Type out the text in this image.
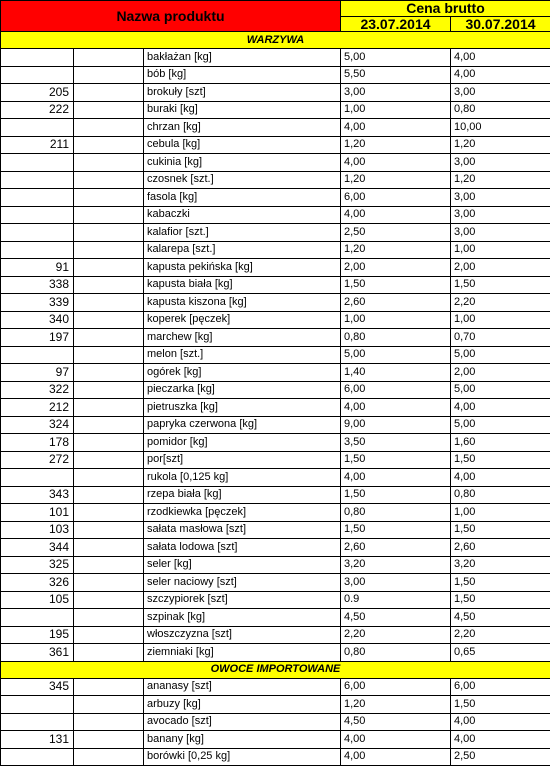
Nazwa produktu			Cena brutto	
			23.07.2014	30.07.2014
WARZYWA				
		bakłażan [kg]	5,00	4,00
		bób [kg]	5,50	4,00
205		brokuły [szt]	3,00	3,00
222		buraki [kg]	1,00	0,80
		chrzan [kg]	4,00	10,00
211		cebula [kg]	1,20	1,20
		cukinia [kg]	4,00	3,00
		czosnek [szt.]	1,20	1,20
		fasola [kg]	6,00	3,00
		kabaczki	4,00	3,00
		kalafior [szt.]	2,50	3,00
		kalarepa [szt.]	1,20	1,00
91		kapusta pekińska [kg]	2,00	2,00
338		kapusta biała [kg]	1,50	1,50
339		kapusta kiszona [kg]	2,60	2,20
340		koperek [pęczek]	1,00	1,00
197		marchew [kg]	0,80	0,70
		melon [szt.]	5,00	5,00
97		ogórek [kg]	1,40	2,00
322		pieczarka [kg]	6,00	5,00
212		pietruszka [kg]	4,00	4,00
324		papryka czerwona [kg]	9,00	5,00
178		pomidor [kg]	3,50	1,60
272		por[szt]	1,50	1,50
		rukola [0,125 kg]	4,00	4,00
343		rzepa biała [kg]	1,50	0,80
101		rzodkiewka [pęczek]	0,80	1,00
103		sałata masłowa [szt]	1,50	1,50
344		sałata lodowa [szt]	2,60	2,60
325		seler [kg]	3,20	3,20
326		seler naciowy [szt]	3,00	1,50
105		szczypiorek [szt]	0.9	1,50
		szpinak [kg]	4,50	4,50
195		włoszczyzna [szt]	2,20	2,20
361		ziemniaki [kg]	0,80	0,65
OWOCE IMPORTOWANE				
345		ananasy [szt]	6,00	6,00
		arbuzy [kg]	1,20	1,50
		avocado [szt]	4,50	4,00
131		banany [kg]	4,00	4,00
		borówki [0,25 kg]	4,00	2,50
